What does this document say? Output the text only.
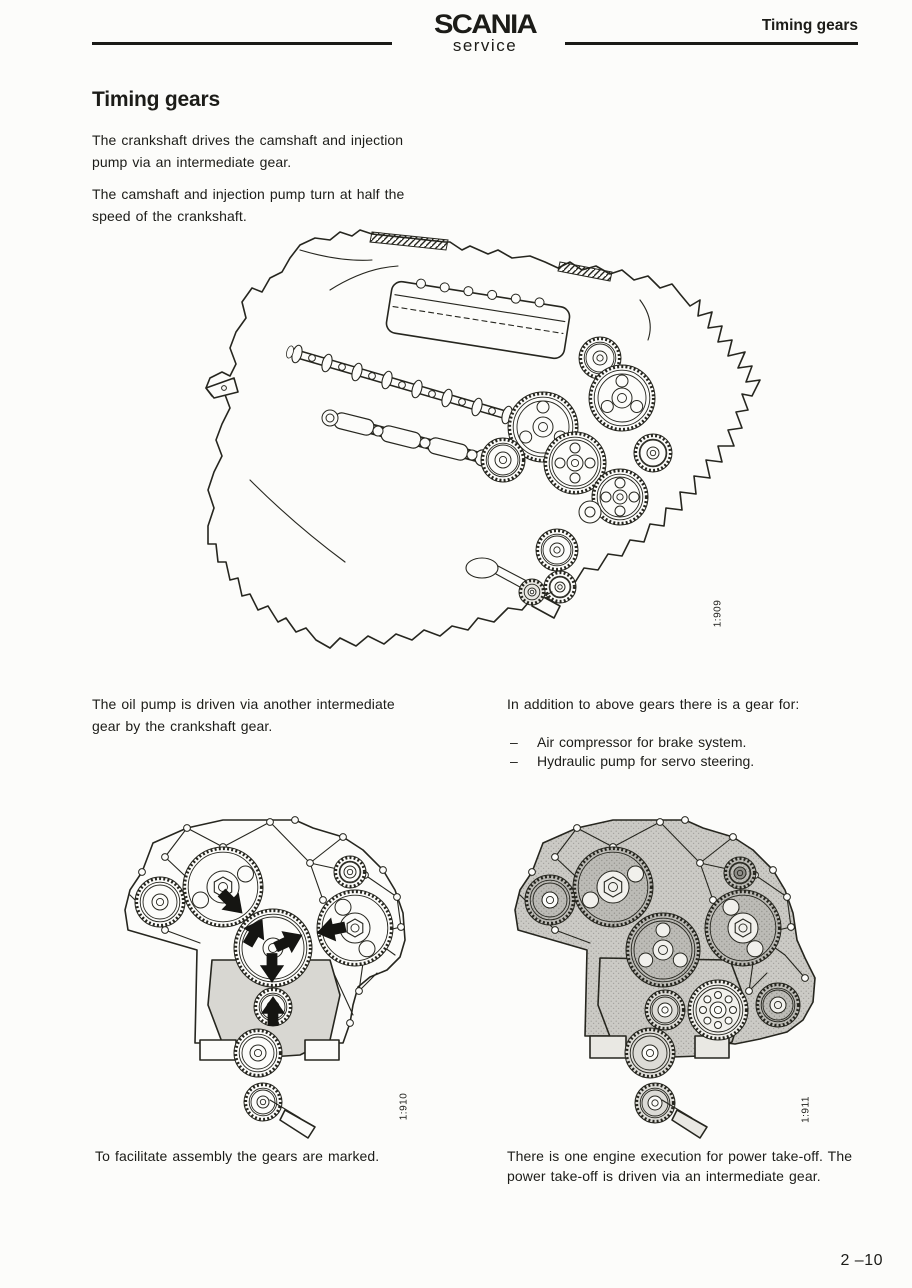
SCANIA
service
Timing gears
Timing gears
The crankshaft drives the camshaft and injection pump via an intermediate gear.
The camshaft and injection pump turn at half the speed of the crankshaft.
1:909
The oil pump is driven via another intermediate gear by the crankshaft gear.
In addition to above gears there is a gear for:
–	Air compressor for brake system.
–	Hydraulic pump for servo steering.
1:910	1:911
To facilitate assembly the gears are marked.	There is one engine execution for power take-off. The power take-off is driven via an intermediate gear.
2 –10
